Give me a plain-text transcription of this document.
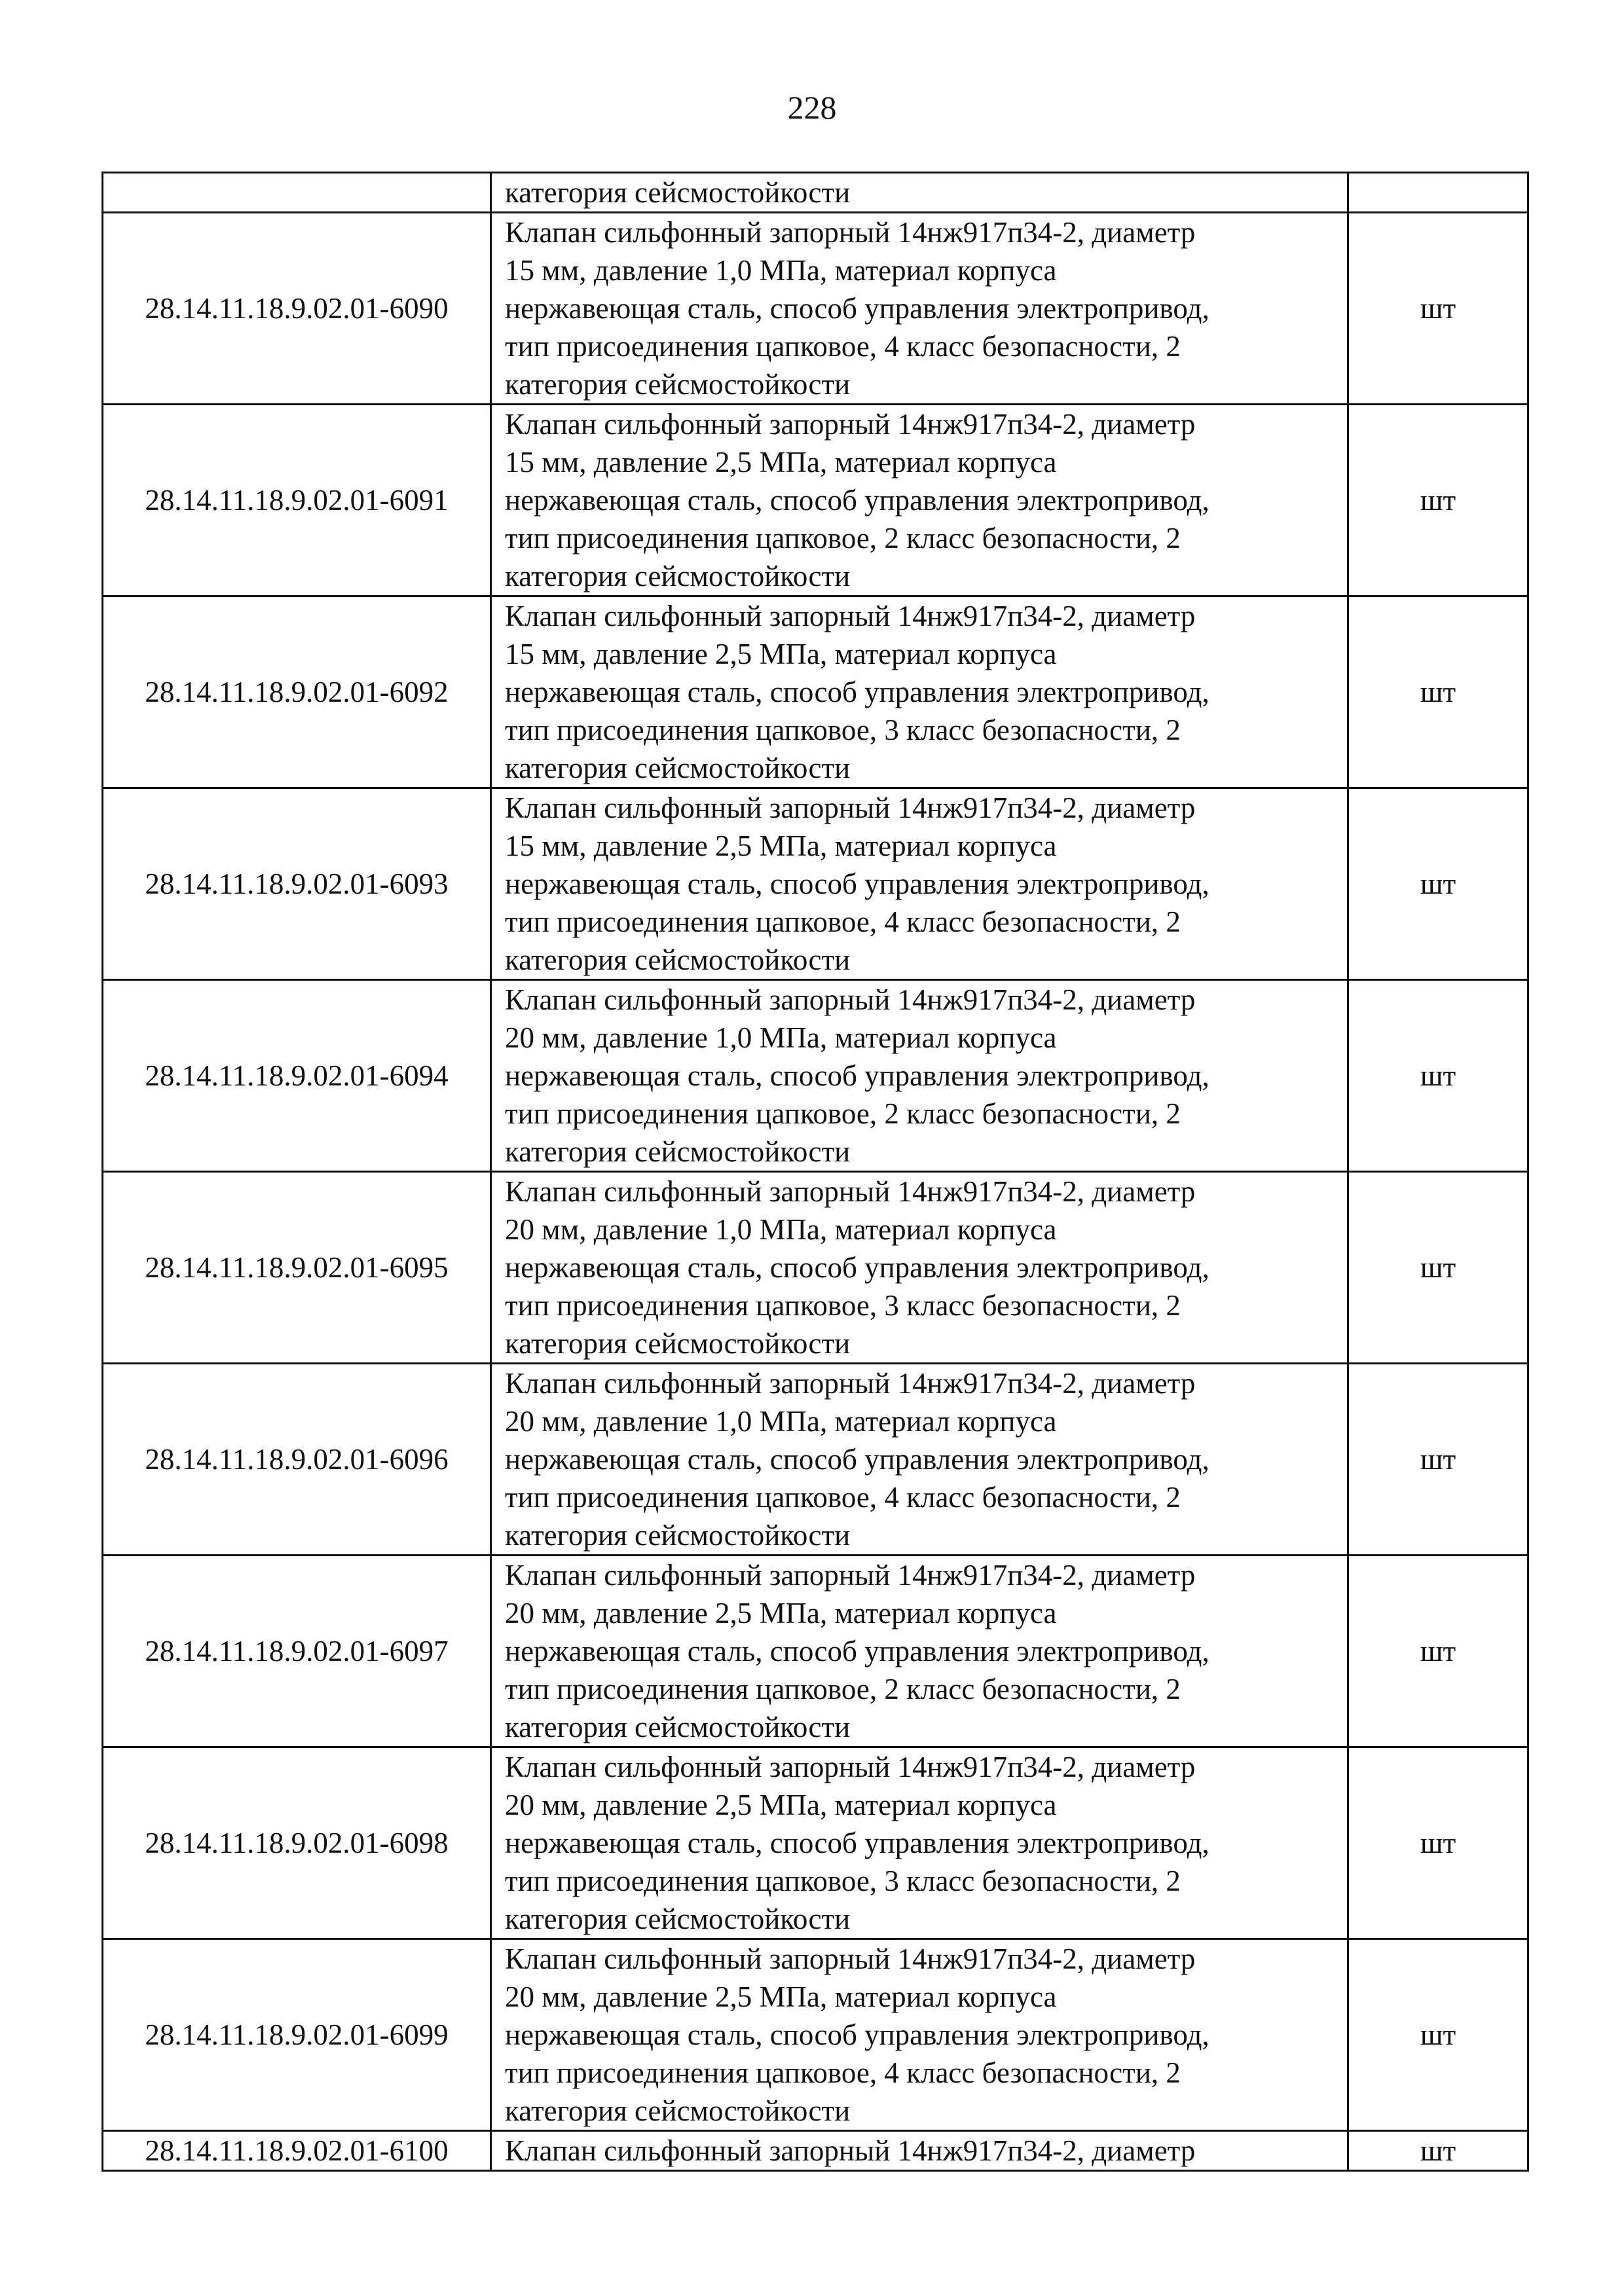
228
	категория сейсмостойкости	
28.14.11.18.9.02.01-6090	Клапан сильфонный запорный 14нж917п34-2, диаметр
15 мм, давление 1,0 МПа, материал корпуса
нержавеющая сталь, способ управления электропривод,
тип присоединения цапковое, 4 класс безопасности, 2
категория сейсмостойкости	шт
28.14.11.18.9.02.01-6091	Клапан сильфонный запорный 14нж917п34-2, диаметр
15 мм, давление 2,5 МПа, материал корпуса
нержавеющая сталь, способ управления электропривод,
тип присоединения цапковое, 2 класс безопасности, 2
категория сейсмостойкости	шт
28.14.11.18.9.02.01-6092	Клапан сильфонный запорный 14нж917п34-2, диаметр
15 мм, давление 2,5 МПа, материал корпуса
нержавеющая сталь, способ управления электропривод,
тип присоединения цапковое, 3 класс безопасности, 2
категория сейсмостойкости	шт
28.14.11.18.9.02.01-6093	Клапан сильфонный запорный 14нж917п34-2, диаметр
15 мм, давление 2,5 МПа, материал корпуса
нержавеющая сталь, способ управления электропривод,
тип присоединения цапковое, 4 класс безопасности, 2
категория сейсмостойкости	шт
28.14.11.18.9.02.01-6094	Клапан сильфонный запорный 14нж917п34-2, диаметр
20 мм, давление 1,0 МПа, материал корпуса
нержавеющая сталь, способ управления электропривод,
тип присоединения цапковое, 2 класс безопасности, 2
категория сейсмостойкости	шт
28.14.11.18.9.02.01-6095	Клапан сильфонный запорный 14нж917п34-2, диаметр
20 мм, давление 1,0 МПа, материал корпуса
нержавеющая сталь, способ управления электропривод,
тип присоединения цапковое, 3 класс безопасности, 2
категория сейсмостойкости	шт
28.14.11.18.9.02.01-6096	Клапан сильфонный запорный 14нж917п34-2, диаметр
20 мм, давление 1,0 МПа, материал корпуса
нержавеющая сталь, способ управления электропривод,
тип присоединения цапковое, 4 класс безопасности, 2
категория сейсмостойкости	шт
28.14.11.18.9.02.01-6097	Клапан сильфонный запорный 14нж917п34-2, диаметр
20 мм, давление 2,5 МПа, материал корпуса
нержавеющая сталь, способ управления электропривод,
тип присоединения цапковое, 2 класс безопасности, 2
категория сейсмостойкости	шт
28.14.11.18.9.02.01-6098	Клапан сильфонный запорный 14нж917п34-2, диаметр
20 мм, давление 2,5 МПа, материал корпуса
нержавеющая сталь, способ управления электропривод,
тип присоединения цапковое, 3 класс безопасности, 2
категория сейсмостойкости	шт
28.14.11.18.9.02.01-6099	Клапан сильфонный запорный 14нж917п34-2, диаметр
20 мм, давление 2,5 МПа, материал корпуса
нержавеющая сталь, способ управления электропривод,
тип присоединения цапковое, 4 класс безопасности, 2
категория сейсмостойкости	шт
28.14.11.18.9.02.01-6100	Клапан сильфонный запорный 14нж917п34-2, диаметр	шт
